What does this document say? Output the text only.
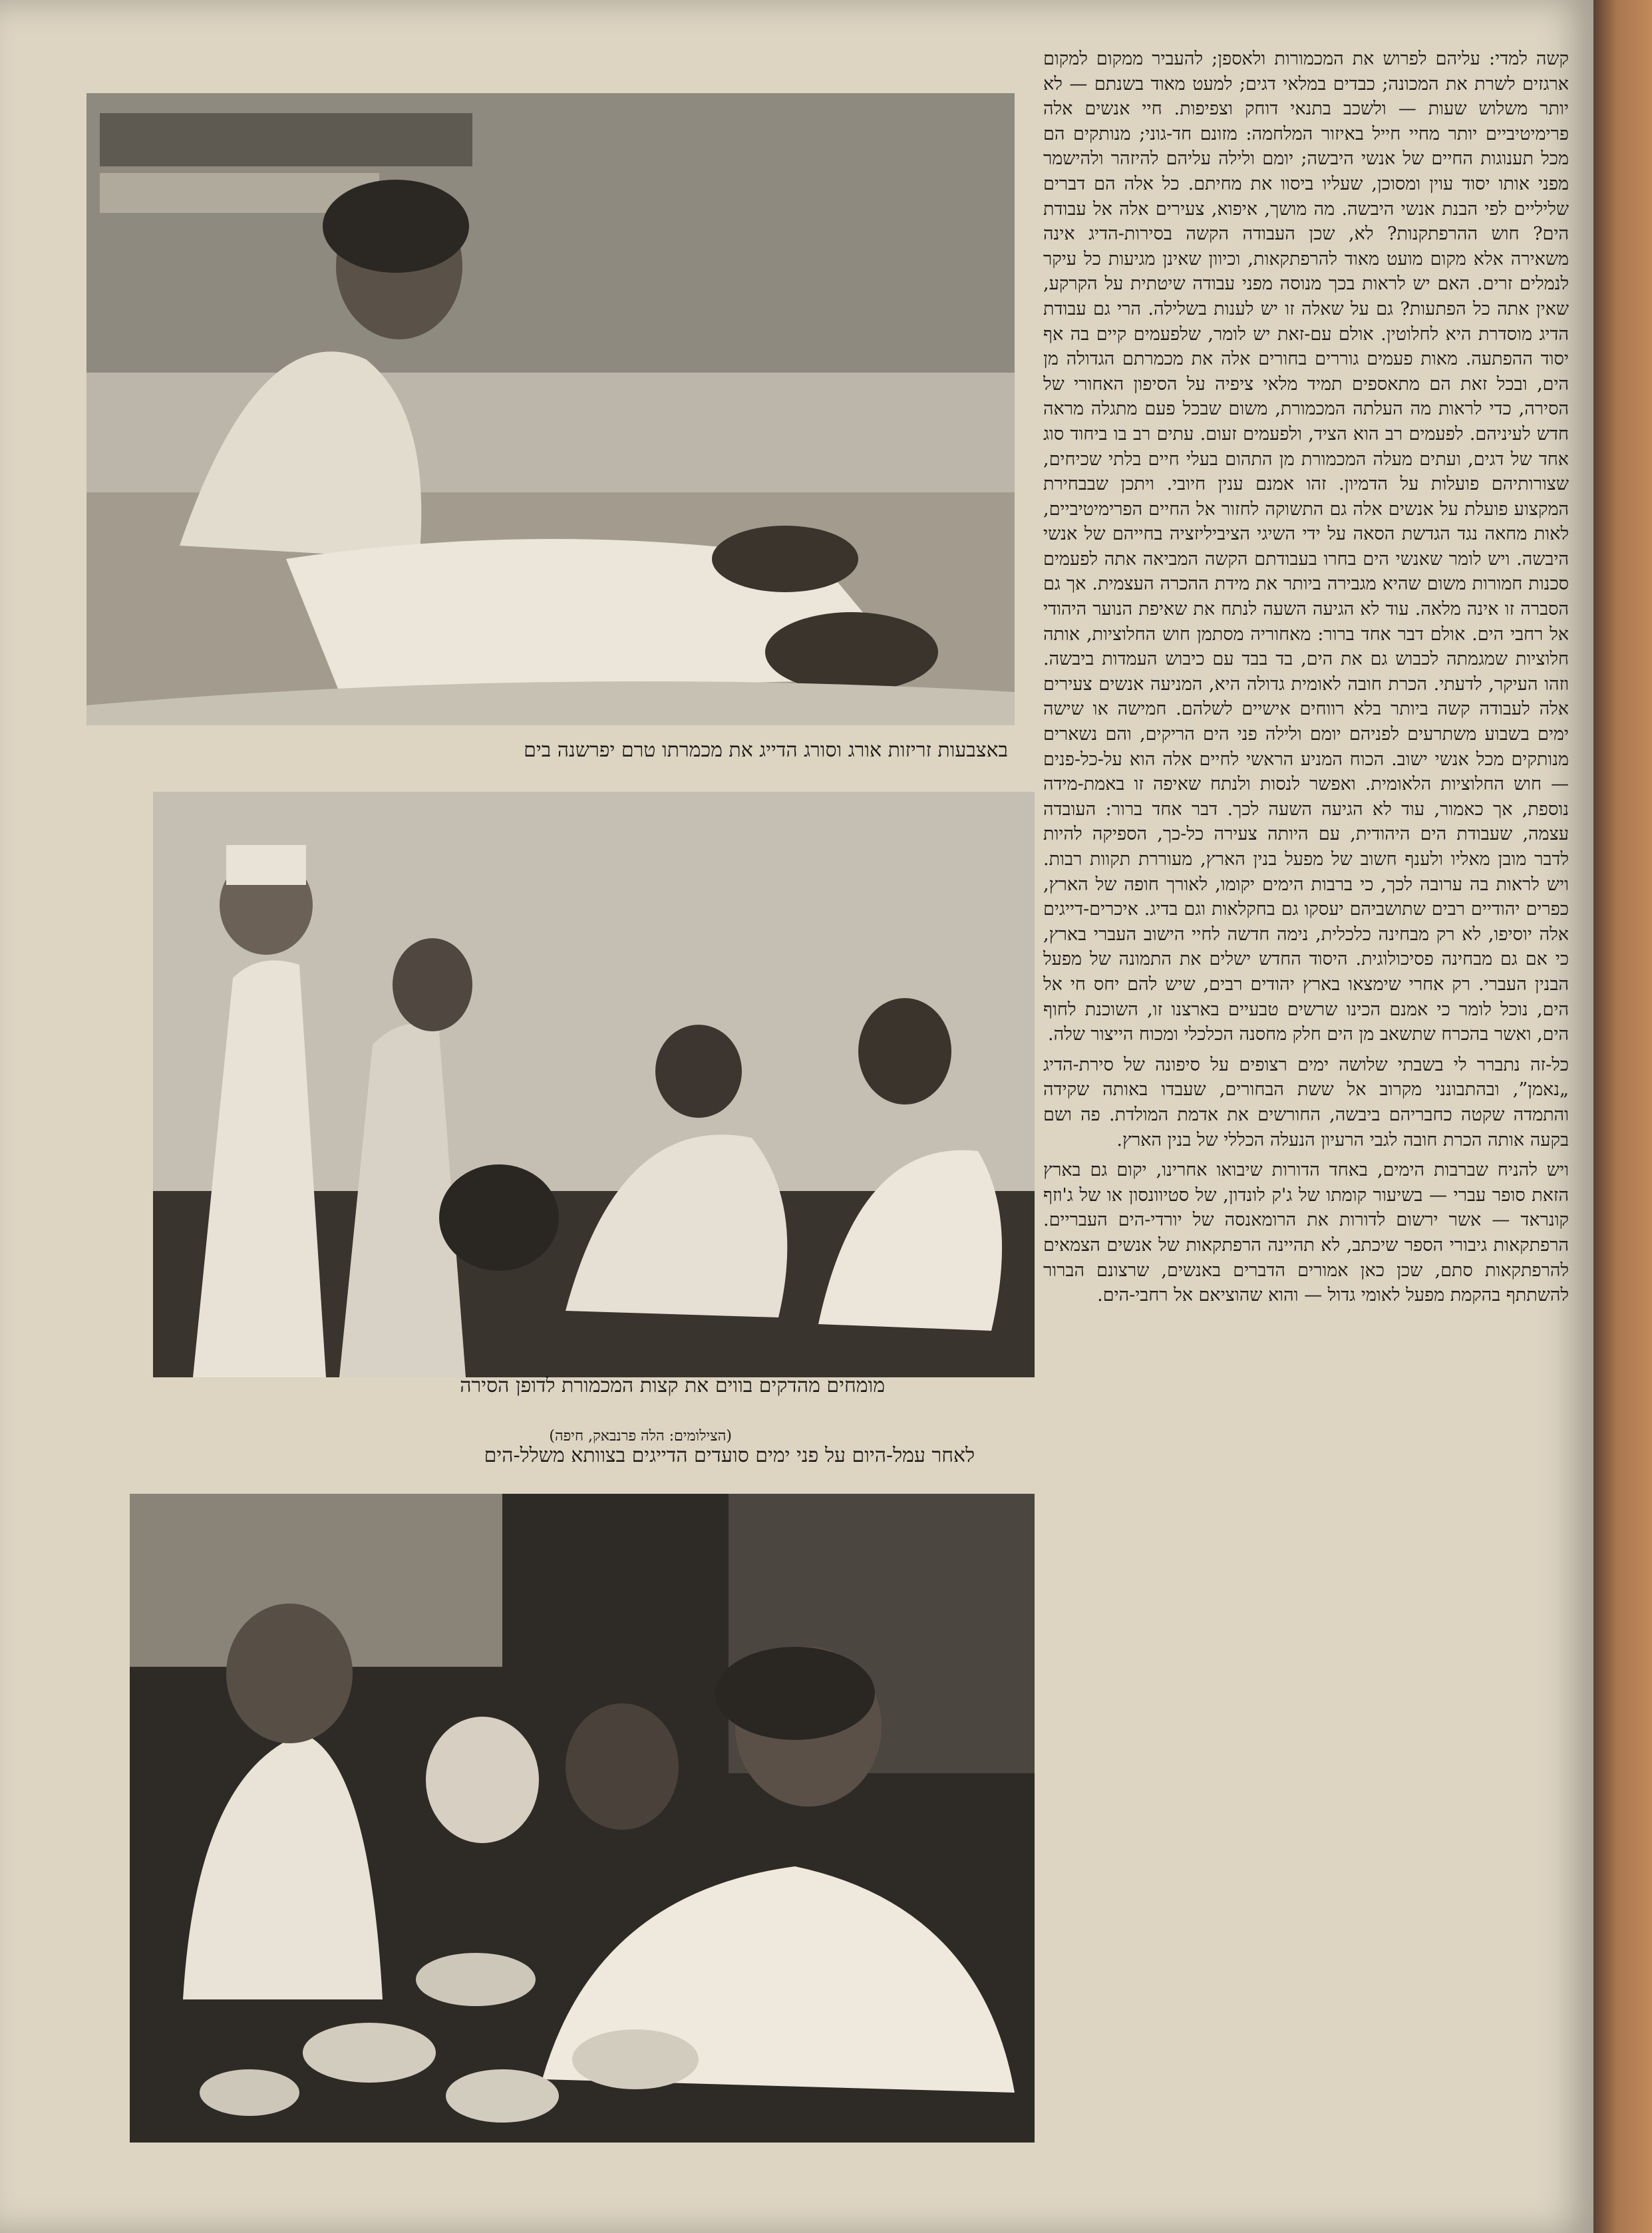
באצבעות זריזות אורג וסורג הדייג את מכמרתו טרם יפרשנה בים
מומחים מהדקים בווים את קצות המכמורת לדופן הסירה
(הצילומים: הלה פרנבאק, חיפה)
לאחר עמל-היום על פני ימים סועדים הדייגים בצוותא משלל-הים

קשה למדי: עליהם לפרוש את המכמורות ולאספן; להעביר ממקום למקום ארגזים לשרת את המכונה; כבדים במלאי דגים; למעט מאוד בשנתם — לא יותר משלוש שעות — ולשכב בתנאי דוחק וצפיפות. חיי אנשים אלה פרימיטיביים יותר מחיי חייל באיזור המלחמה: מזונם חד-גוני; מנותקים הם מכל תענוגות החיים של אנשי היבשה; יומם ולילה עליהם להיזהר ולהישמר מפני אותו יסוד עוין ומסוכן, שעליו ביסוו את מחיתם. כל אלה הם דברים שליליים לפי הבנת אנשי היבשה. מה מושך, איפוא, צעירים אלה אל עבודת הים? חוש ההרפתקנות? לא, שכן העבודה הקשה בסירות-הדיג אינה משאירה אלא מקום מועט מאוד להרפתקאות, וכיוון שאינן מגיעות כל עיקר לנמלים זרים. האם יש לראות בכך מנוסה מפני עבודה שיטתית על הקרקע, שאין אתה כל הפתעות? גם על שאלה זו יש לענות בשלילה. הרי גם עבודת הדיג מוסדרת היא לחלוטין. אולם עם-זאת יש לומר, שלפעמים קיים בה אף יסוד ההפתעה. מאות פעמים גוררים בחורים אלה את מכמרתם הגדולה מן הים, ובכל זאת הם מתאספים תמיד מלאי ציפיה על הסיפון האחורי של הסירה, כדי לראות מה העלתה המכמורת, משום שבכל פעם מתגלה מראה חדש לעיניהם. לפעמים רב הוא הציד, ולפעמים זעום. עתים רב בו ביחוד סוג אחד של דגים, ועתים מעלה המכמורת מן התהום בעלי חיים בלתי שכיחים, שצורותיהם פועלות על הדמיון. זהו אמנם ענין חיובי. ויתכן שבבחירת המקצוע פועלת על אנשים אלה גם התשוקה לחזור אל החיים הפרימיטיביים, לאות מחאה נגד הגדשת הסאה על ידי השיגי הציביליזציה בחייהם של אנשי היבשה. ויש לומר שאנשי הים בחרו בעבודתם הקשה המביאה אתה לפעמים סכנות חמורות משום שהיא מגבירה ביותר את מידת ההכרה העצמית. אך גם הסברה זו אינה מלאה. עוד לא הגיעה השעה לנתח את שאיפת הנוער היהודי אל רחבי הים. אולם דבר אחד ברור: מאחוריה מסתמן חוש החלוציות, אותה חלוציות שמגמתה לכבוש גם את הים, בד בבד עם כיבוש העמדות ביבשה. וזהו העיקר, לדעתי. הכרת חובה לאומית גדולה היא, המניעה אנשים צעירים אלה לעבודה קשה ביותר בלא רווחים אישיים לשלהם. חמישה או שישה ימים בשבוע משתרעים לפניהם יומם ולילה פני הים הריקים, והם נשארים מנותקים מכל אנשי ישוב. הכוח המניע הראשי לחיים אלה הוא על-כל-פנים — חוש החלוציות הלאומית. ואפשר לנסות ולנתח שאיפה זו באמת-מידה נוספת, אך כאמור, עוד לא הגיעה השעה לכך. דבר אחד ברור: העובדה עצמה, שעבודת הים היהודית, עם היותה צעירה כל-כך, הספיקה להיות לדבר מובן מאליו ולענף חשוב של מפעל בנין הארץ, מעוררת תקוות רבות. ויש לראות בה ערובה לכך, כי ברבות הימים יקומו, לאורך חופה של הארץ, כפרים יהודיים רבים שתושביהם יעסקו גם בחקלאות וגם בדיג. איכרים-דייגים אלה יוסיפו, לא רק מבחינה כלכלית, נימה חדשה לחיי הישוב העברי בארץ, כי אם גם מבחינה פסיכולוגית. היסוד החדש ישלים את התמונה של מפעל הבנין העברי. רק אחרי שימצאו בארץ יהודים רבים, שיש להם יחס חי אל הים, נוכל לומר כי אמנם הכינו שרשים טבעיים בארצנו זו, השוכנת לחוף הים, ואשר בהכרח שתשאב מן הים חלק מחסנה הכלכלי ומכוח הייצור שלה.

כל-זה נתברר לי בשבתי שלושה ימים רצופים על סיפונה של סירת-הדיג „נאמן”, ובהתבונני מקרוב אל ששת הבחורים, שעבדו באותה שקידה והתמדה שקטה כחבריהם ביבשה, החורשים את אדמת המולדת. פה ושם בקעה אותה הכרת חובה לגבי הרעיון הנעלה הכללי של בנין הארץ.

ויש להניח שברבות הימים, באחד הדורות שיבואו אחרינו, יקום גם בארץ הזאת סופר עברי — בשיעור קומתו של ג'ק לונדון, של סטיוונסון או של ג'וזף קונראד — אשר ירשום לדורות את הרומאנסה של יורדי-הים העבריים. הרפתקאות גיבורי הספר שיכתב, לא תהיינה הרפתקאות של אנשים הצמאים להרפתקאות סתם, שכן כאן אמורים הדברים באנשים, שרצונם הברור להשתתף בהקמת מפעל לאומי גדול — והוא שהוציאם אל רחבי-הים.
